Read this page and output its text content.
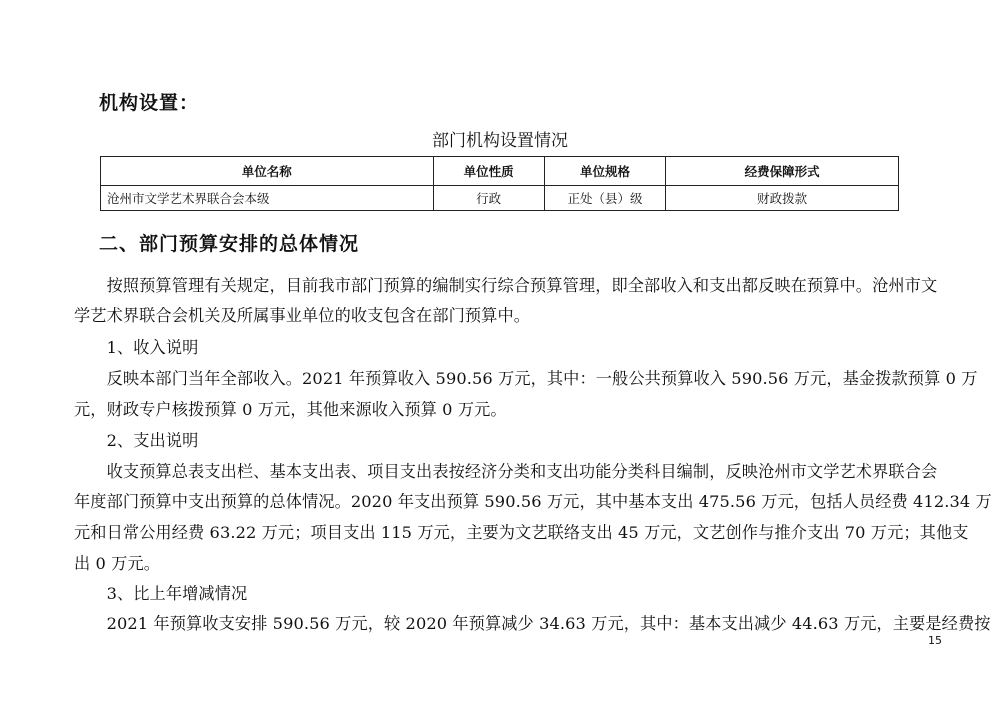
机构设置：
部门机构设置情况
单位名称	单位性质	单位规格	经费保障形式
沧州市文学艺术界联合会本级	行政	正处（县）级	财政拨款
二、部门预算安排的总体情况
　　按照预算管理有关规定，目前我市部门预算的编制实行综合预算管理，即全部收入和支出都反映在预算中。沧州市文
学艺术界联合会机关及所属事业单位的收支包含在部门预算中。
　　1、收入说明
　　反映本部门当年全部收入。2021 年预算收入 590.56 万元，其中：一般公共预算收入 590.56 万元，基金拨款预算 0 万
元，财政专户核拨预算 0 万元，其他来源收入预算 0 万元。
　　2、支出说明
　　收支预算总表支出栏、基本支出表、项目支出表按经济分类和支出功能分类科目编制，反映沧州市文学艺术界联合会
年度部门预算中支出预算的总体情况。2020 年支出预算 590.56 万元，其中基本支出 475.56 万元，包括人员经费 412.34 万
元和日常公用经费 63.22 万元；项目支出 115 万元，主要为文艺联络支出 45 万元，文艺创作与推介支出 70 万元；其他支
出 0 万元。
　　3、比上年增减情况
　　2021 年预算收支安排 590.56 万元，较 2020 年预算减少 34.63 万元，其中：基本支出减少 44.63 万元，主要是经费按
15
